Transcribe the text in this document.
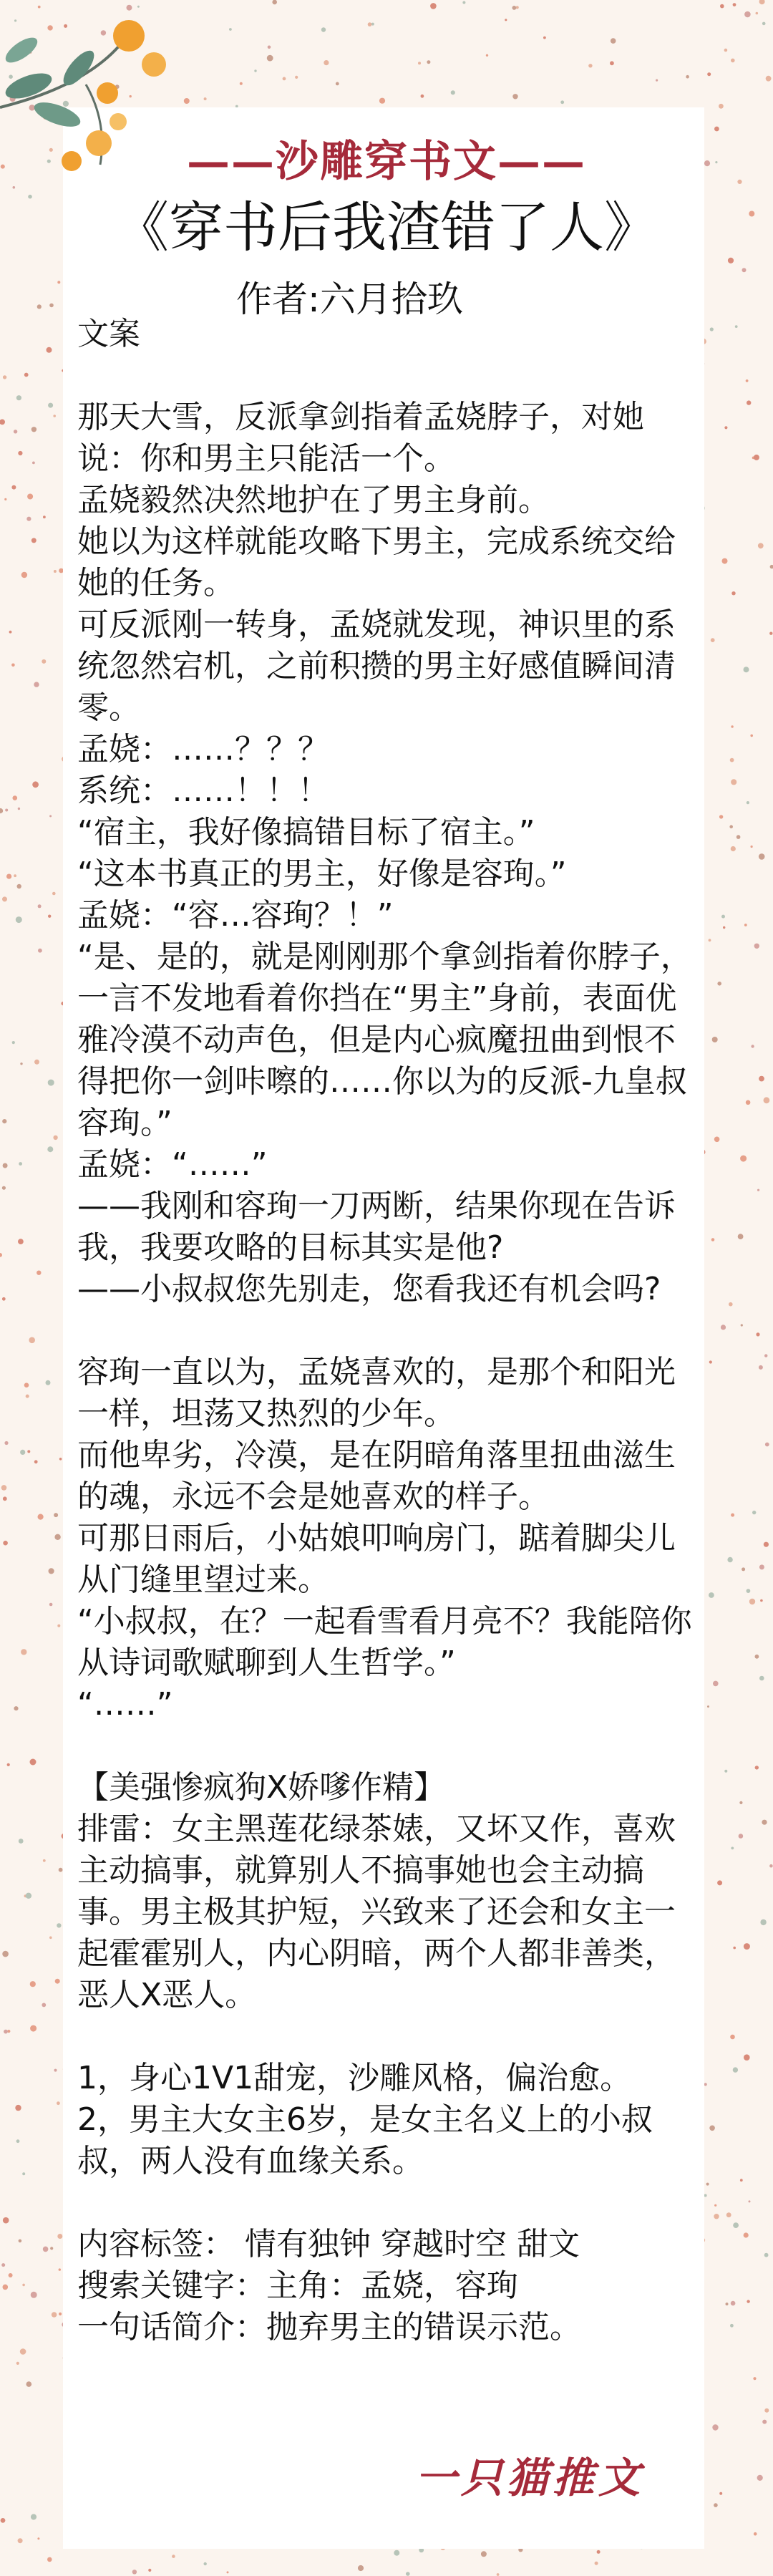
——沙雕穿书文——
《穿书后我渣错了人》
作者:六月拾玖

文案

那天大雪，反派拿剑指着孟娆脖子，对她说：你和男主只能活一个。

孟娆毅然决然地护在了男主身前。

她以为这样就能攻略下男主，完成系统交给她的任务。

可反派刚一转身，孟娆就发现，神识里的系统忽然宕机，之前积攒的男主好感值瞬间清零。

孟娆：……？？？

系统：……！！！

“宿主，我好像搞错目标了宿主。”

“这本书真正的男主，好像是容珣。”

孟娆：“容…容珣？！”

“是、是的，就是刚刚那个拿剑指着你脖子，一言不发地看着你挡在“男主”身前，表面优雅冷漠不动声色，但是内心疯魔扭曲到恨不得把你一剑咔嚓的……你以为的反派-九皇叔容珣。”

孟娆：“……”

——我刚和容珣一刀两断，结果你现在告诉我，我要攻略的目标其实是他?

——小叔叔您先别走，您看我还有机会吗?

容珣一直以为，孟娆喜欢的，是那个和阳光一样，坦荡又热烈的少年。

而他卑劣，冷漠，是在阴暗角落里扭曲滋生的魂，永远不会是她喜欢的样子。

可那日雨后，小姑娘叩响房门，踮着脚尖儿从门缝里望过来。

“小叔叔，在？一起看雪看月亮不？我能陪你从诗词歌赋聊到人生哲学。”

“……”

【美强惨疯狗X娇嗲作精】

排雷：女主黑莲花绿茶婊，又坏又作，喜欢主动搞事，就算别人不搞事她也会主动搞事。男主极其护短，兴致来了还会和女主一起霍霍别人，内心阴暗，两个人都非善类，恶人X恶人。

1，身心1V1甜宠，沙雕风格，偏治愈。

2，男主大女主6岁，是女主名义上的小叔叔，两人没有血缘关系。

内容标签： 情有独钟 穿越时空 甜文

搜索关键字：主角：孟娆，容珣

一句话简介：抛弃男主的错误示范。

一只猫推文
